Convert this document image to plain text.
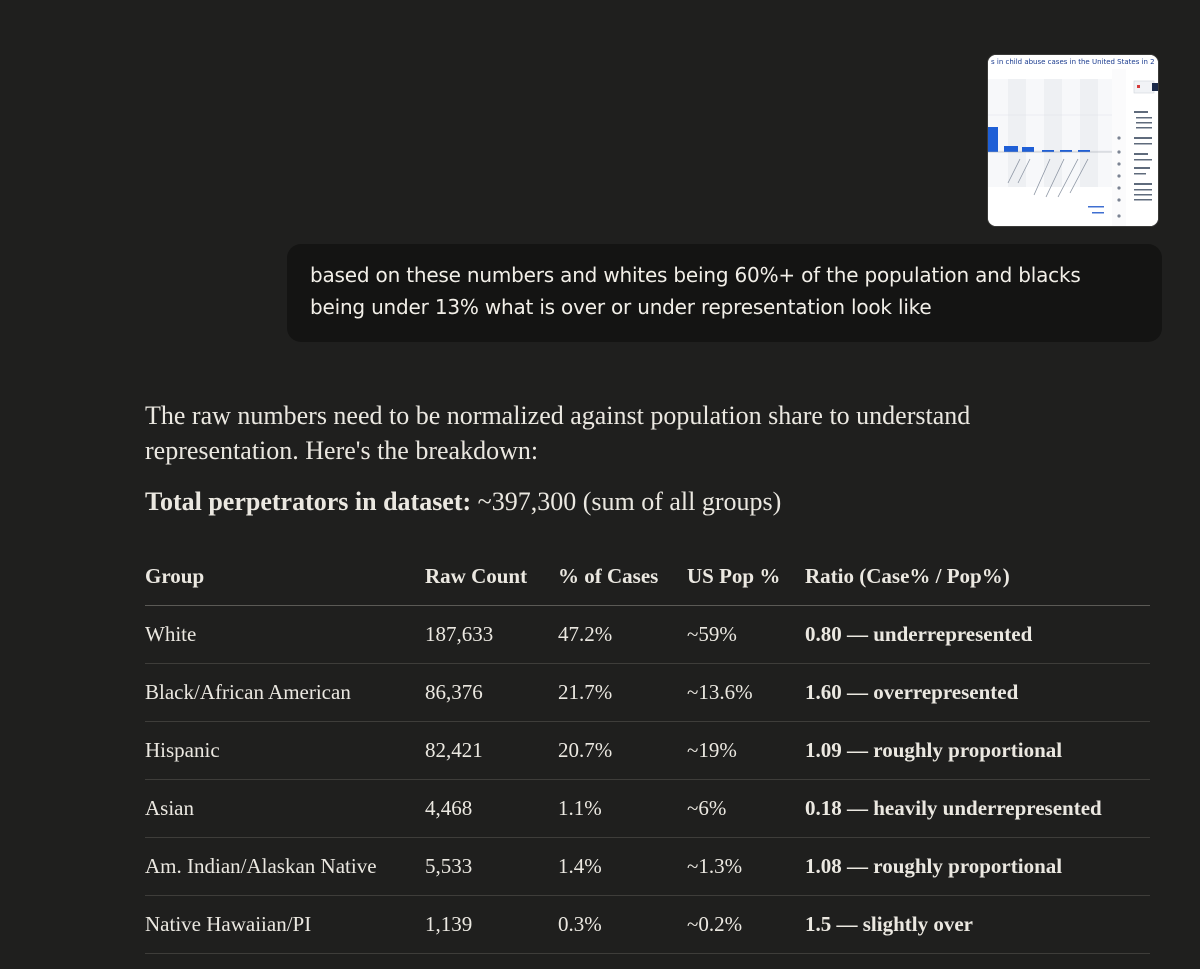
s in child abuse cases in the United States in 2
based on these numbers and whites being 60%+ of the population and blacks
being under 13% what is over or under representation look like

The raw numbers need to be normalized against population share to understand
representation. Here's the breakdown:

Total perpetrators in dataset: ~397,300 (sum of all groups)

Group	Raw Count	% of Cases	US Pop %	Ratio (Case% / Pop%)
White	187,633	47.2%	~59%	0.80 — underrepresented
Black/African American	86,376	21.7%	~13.6%	1.60 — overrepresented
Hispanic	82,421	20.7%	~19%	1.09 — roughly proportional
Asian	4,468	1.1%	~6%	0.18 — heavily underrepresented
Am. Indian/Alaskan Native	5,533	1.4%	~1.3%	1.08 — roughly proportional
Native Hawaiian/PI	1,139	0.3%	~0.2%	1.5 — slightly over
